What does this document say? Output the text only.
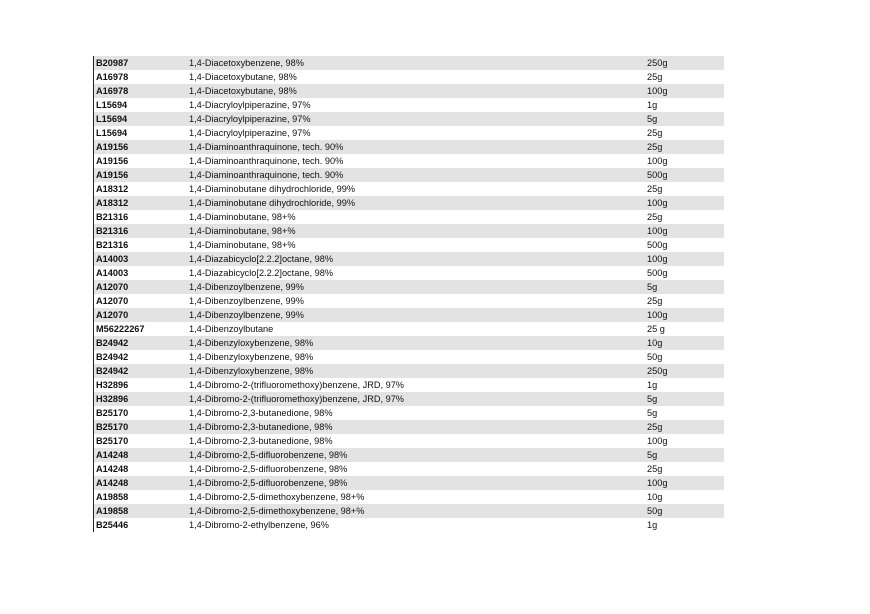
B20987	1,4-Diacetoxybenzene, 98%	250g
A16978	1,4-Diacetoxybutane, 98%	25g
A16978	1,4-Diacetoxybutane, 98%	100g
L15694	1,4-Diacryloylpiperazine, 97%	1g
L15694	1,4-Diacryloylpiperazine, 97%	5g
L15694	1,4-Diacryloylpiperazine, 97%	25g
A19156	1,4-Diaminoanthraquinone, tech. 90%	25g
A19156	1,4-Diaminoanthraquinone, tech. 90%	100g
A19156	1,4-Diaminoanthraquinone, tech. 90%	500g
A18312	1,4-Diaminobutane dihydrochloride, 99%	25g
A18312	1,4-Diaminobutane dihydrochloride, 99%	100g
B21316	1,4-Diaminobutane, 98+%	25g
B21316	1,4-Diaminobutane, 98+%	100g
B21316	1,4-Diaminobutane, 98+%	500g
A14003	1,4-Diazabicyclo[2.2.2]octane, 98%	100g
A14003	1,4-Diazabicyclo[2.2.2]octane, 98%	500g
A12070	1,4-Dibenzoylbenzene, 99%	5g
A12070	1,4-Dibenzoylbenzene, 99%	25g
A12070	1,4-Dibenzoylbenzene, 99%	100g
M56222267	1,4-Dibenzoylbutane	25 g
B24942	1,4-Dibenzyloxybenzene, 98%	10g
B24942	1,4-Dibenzyloxybenzene, 98%	50g
B24942	1,4-Dibenzyloxybenzene, 98%	250g
H32896	1,4-Dibromo-2-(trifluoromethoxy)benzene, JRD, 97%	1g
H32896	1,4-Dibromo-2-(trifluoromethoxy)benzene, JRD, 97%	5g
B25170	1,4-Dibromo-2,3-butanedione, 98%	5g
B25170	1,4-Dibromo-2,3-butanedione, 98%	25g
B25170	1,4-Dibromo-2,3-butanedione, 98%	100g
A14248	1,4-Dibromo-2,5-difluorobenzene, 98%	5g
A14248	1,4-Dibromo-2,5-difluorobenzene, 98%	25g
A14248	1,4-Dibromo-2,5-difluorobenzene, 98%	100g
A19858	1,4-Dibromo-2,5-dimethoxybenzene, 98+%	10g
A19858	1,4-Dibromo-2,5-dimethoxybenzene, 98+%	50g
B25446	1,4-Dibromo-2-ethylbenzene, 96%	1g
